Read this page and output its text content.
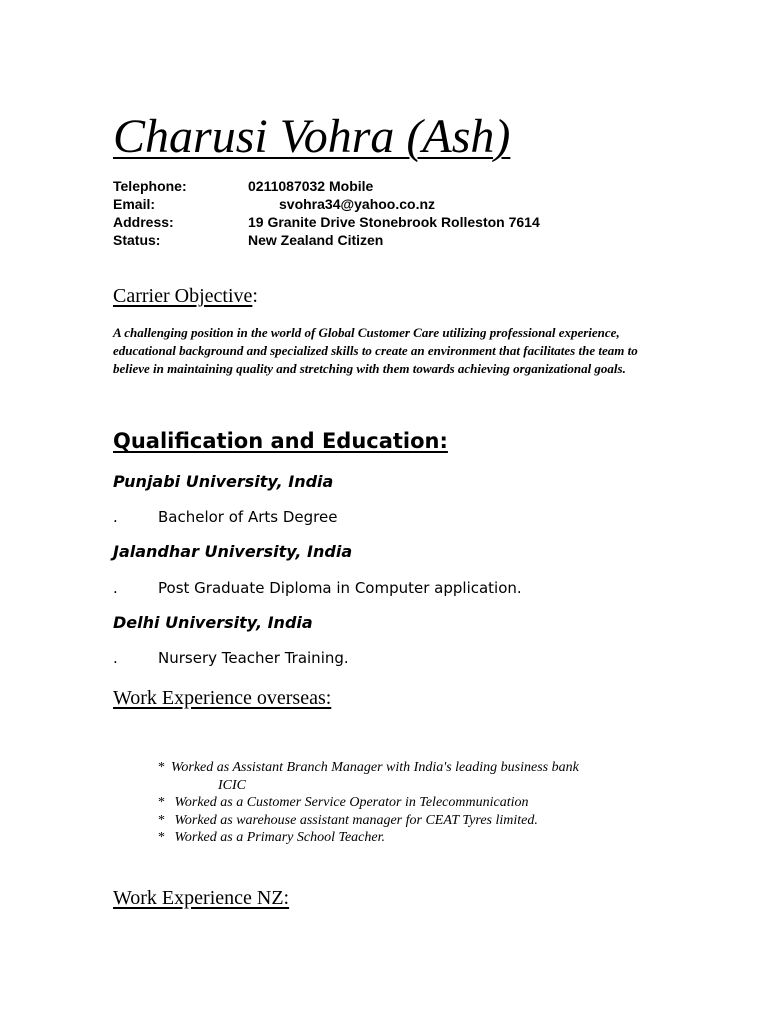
Charusi Vohra (Ash)
Telephone:	0211087032 Mobile
Email:	svohra34@yahoo.co.nz
Address:	19 Granite Drive Stonebrook Rolleston 7614
Status:	New Zealand Citizen
Carrier Objective:

A challenging position in the world of Global Customer Care utilizing professional experience, educational background and specialized skills to create an environment that facilitates the team to believe in maintaining quality and stretching with them towards achieving organizational goals.

Qualification and Education:
Punjabi University, India
.	Bachelor of Arts Degree
Jalandhar University, India
.	Post Graduate Diploma in Computer application.
Delhi University, India
.	Nursery Teacher Training.
Work Experience overseas:
* Worked as Assistant Branch Manager with India's leading business bank
ICIC
* Worked as a Customer Service Operator in Telecommunication
* Worked as warehouse assistant manager for CEAT Tyres limited.
* Worked as a Primary School Teacher.
Work Experience NZ:
